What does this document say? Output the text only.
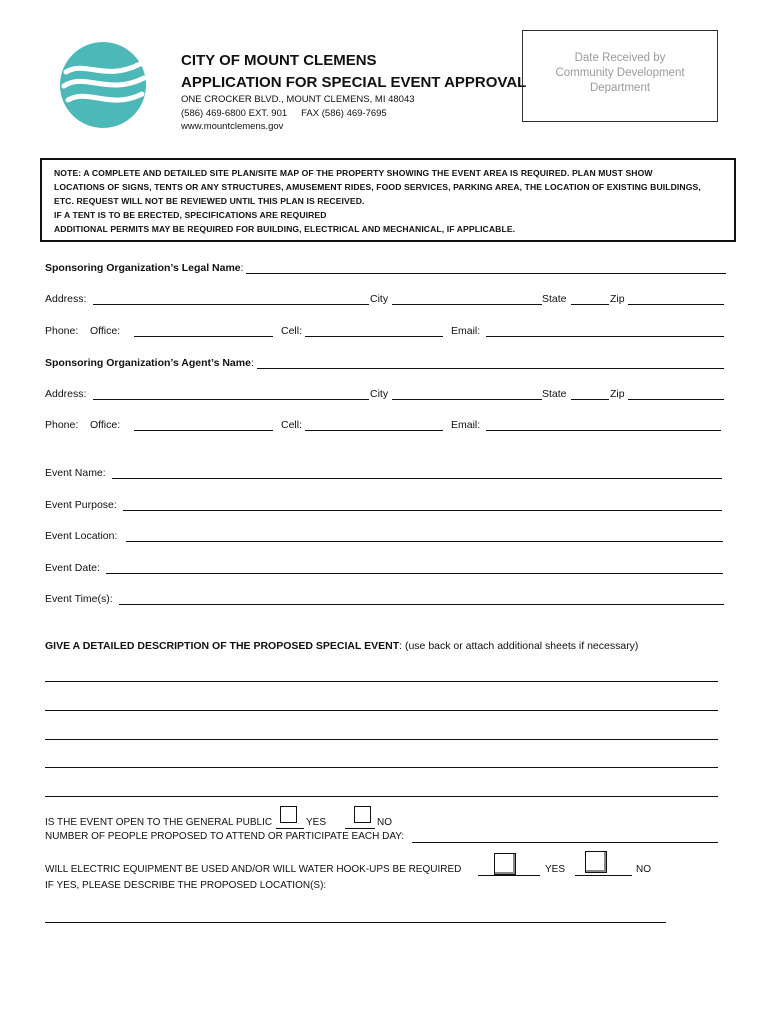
CITY OF MOUNT CLEMENS
APPLICATION FOR SPECIAL EVENT APPROVAL
ONE CROCKER BLVD., MOUNT CLEMENS, MI 48043
(586) 469-6800 EXT. 901 FAX (586) 469-7695
www.mountclemens.gov
Date Received by
Community Development
Department
NOTE: A COMPLETE AND DETAILED SITE PLAN/SITE MAP OF THE PROPERTY SHOWING THE EVENT AREA IS REQUIRED. PLAN MUST SHOW
LOCATIONS OF SIGNS, TENTS OR ANY STRUCTURES, AMUSEMENT RIDES, FOOD SERVICES, PARKING AREA, THE LOCATION OF EXISTING BUILDINGS,
ETC. REQUEST WILL NOT BE REVIEWED UNTIL THIS PLAN IS RECEIVED.
IF A TENT IS TO BE ERECTED, SPECIFICATIONS ARE REQUIRED
ADDITIONAL PERMITS MAY BE REQUIRED FOR BUILDING, ELECTRICAL AND MECHANICAL, IF APPLICABLE.
Sponsoring Organization’s Legal Name:
Address:	City	State	Zip
Phone: Office:	Cell:	Email:
Sponsoring Organization’s Agent’s Name:
Address:	City	State	Zip
Phone: Office:	Cell:	Email:
Event Name:
Event Purpose:
Event Location:
Event Date:
Event Time(s):
GIVE A DETAILED DESCRIPTION OF THE PROPOSED SPECIAL EVENT: (use back or attach additional sheets if necessary)
IS THE EVENT OPEN TO THE GENERAL PUBLIC	YES	NO
NUMBER OF PEOPLE PROPOSED TO ATTEND OR PARTICIPATE EACH DAY:
WILL ELECTRIC EQUIPMENT BE USED AND/OR WILL WATER HOOK-UPS BE REQUIRED	YES	NO
IF YES, PLEASE DESCRIBE THE PROPOSED LOCATION(S):
